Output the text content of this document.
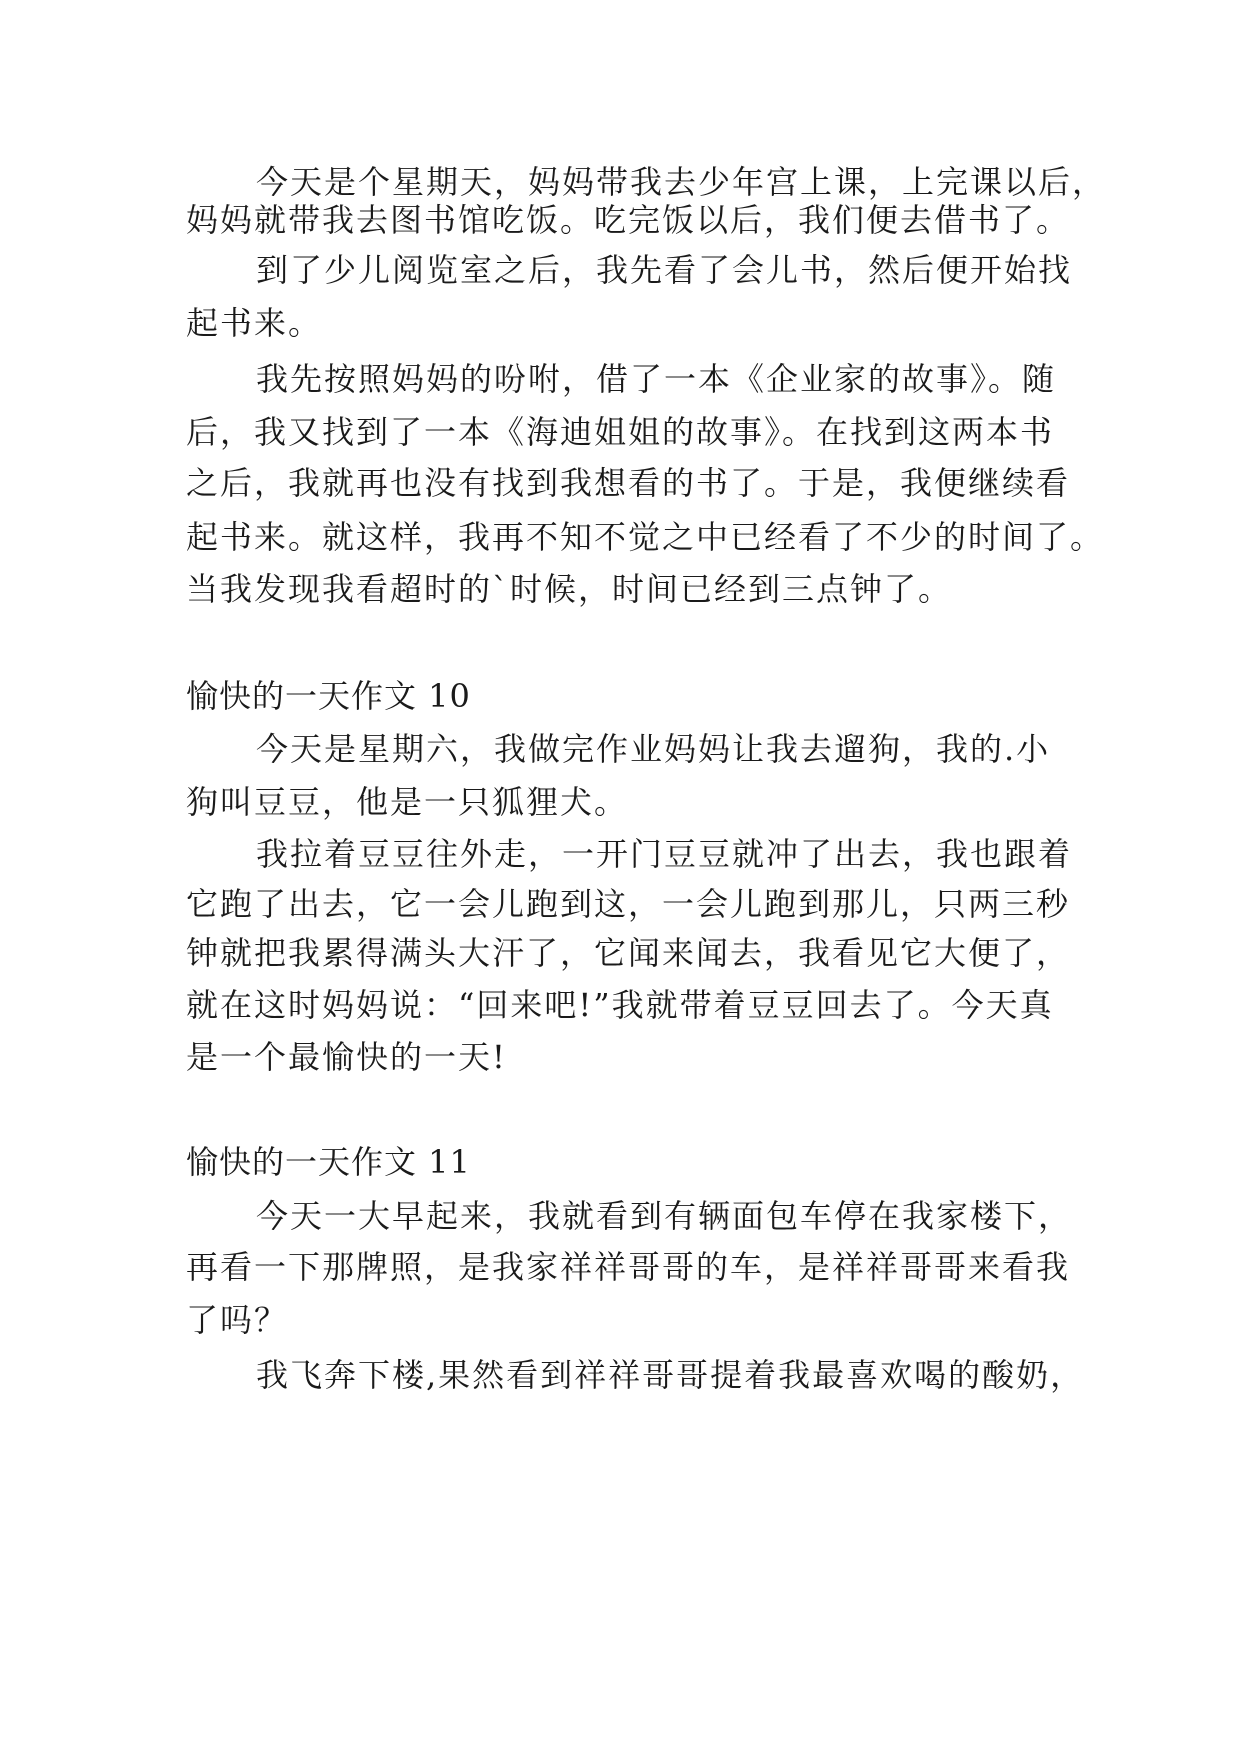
今天是个星期天，妈妈带我去少年宫上课，上完课以后，
妈妈就带我去图书馆吃饭。吃完饭以后，我们便去借书了。
到了少儿阅览室之后，我先看了会儿书，然后便开始找
起书来。
我先按照妈妈的吩咐，借了一本《企业家的故事》。随
后，我又找到了一本《海迪姐姐的故事》。在找到这两本书
之后，我就再也没有找到我想看的书了。于是，我便继续看
起书来。就这样，我再不知不觉之中已经看了不少的时间了。
当我发现我看超时的`时候，时间已经到三点钟了。
愉快的一天作文 10
今天是星期六，我做完作业妈妈让我去遛狗，我的.小
狗叫豆豆，他是一只狐狸犬。
我拉着豆豆往外走，一开门豆豆就冲了出去，我也跟着
它跑了出去，它一会儿跑到这，一会儿跑到那儿，只两三秒
钟就把我累得满头大汗了，它闻来闻去，我看见它大便了，
就在这时妈妈说：“回来吧!”我就带着豆豆回去了。今天真
是一个最愉快的一天!
愉快的一天作文 11
今天一大早起来，我就看到有辆面包车停在我家楼下，
再看一下那牌照，是我家祥祥哥哥的车，是祥祥哥哥来看我
了吗？
我飞奔下楼,果然看到祥祥哥哥提着我最喜欢喝的酸奶，
